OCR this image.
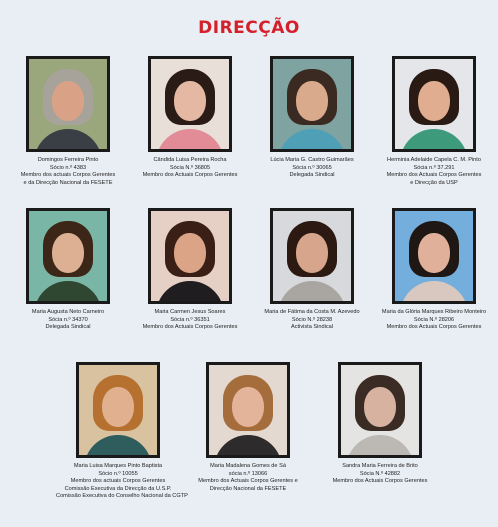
DIRECÇÃO
Domingos Ferreira Pinto
Sócio n.º 4383
Membro dos actuais Corpos Gerentes
e da Direcção Nacional da FESETE
Cândida Luisa Pereira Rocha
Sócia N.º 36805
Membro dos Actuais Corpos Gerentes
Lúcia Maria G. Castro Guimarães
Sócia n.º 30065
Delegada Sindical
Herminia Adelaide Capela C. M. Pinto
Sócia n.º 37.291
Membro dos Actuais Corpos Gerentes
e Direcção da USP
Maria Augusta Neto Carneiro
Sócia n.º 34370
Delegada Sindical
Maria Carmen Jesus Soares
Sócia n.º 36351
Membro dos Actuais Corpos Gerentes
Maria de Fátima da Costa M. Azevedo
Sócio N.º 28238
Activista Sindical
Maria da Glória Marques Ribeiro Monteiro
Sócia N.º 28206
Membro dos Actuais Corpos Gerentes
Maria Luisa Marques Pinto Baptista
Sócio n.º 10055
Membro dos actuais Corpos Gerentes
Comissão Executiva da Direcção da U.S.P.
Comissão Executiva do Conselho Nacional da CGTP
Maria Madalena Gomes de Sá
sócia n.º 13066
Membro dos Actuais Corpos Gerentes e
Direcção Nacional da FESETE
Sandra Maria Ferreira de Brito
Sócia N.º 42882
Membro dos Actuais Corpos Gerentes
